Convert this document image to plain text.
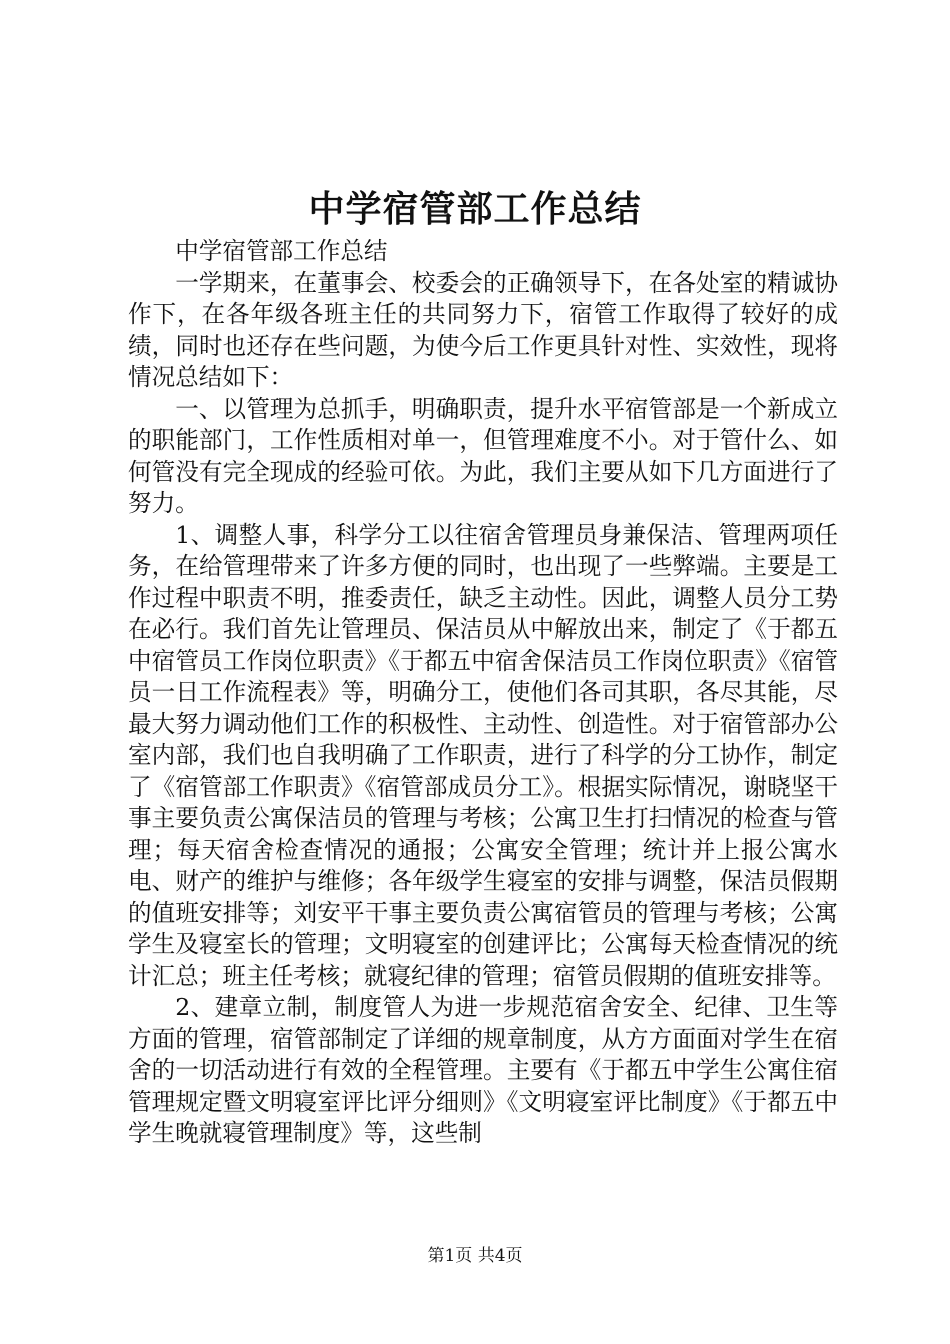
中学宿管部工作总结

中学宿管部工作总结

一学期来，在董事会、校委会的正确领导下，在各处室的精诚协作下，在各年级各班主任的共同努力下，宿管工作取得了较好的成绩，同时也还存在些问题，为使今后工作更具针对性、实效性，现将情况总结如下：

一、以管理为总抓手，明确职责，提升水平宿管部是一个新成立的职能部门，工作性质相对单一，但管理难度不小。对于管什么、如何管没有完全现成的经验可依。为此，我们主要从如下几方面进行了努力。

1、调整人事，科学分工以往宿舍管理员身兼保洁、管理两项任务，在给管理带来了许多方便的同时，也出现了一些弊端。主要是工作过程中职责不明，推委责任，缺乏主动性。因此，调整人员分工势在必行。我们首先让管理员、保洁员从中解放出来，制定了《于都五中宿管员工作岗位职责》《于都五中宿舍保洁员工作岗位职责》《宿管员一日工作流程表》等，明确分工，使他们各司其职，各尽其能，尽最大努力调动他们工作的积极性、主动性、创造性。对于宿管部办公室内部，我们也自我明确了工作职责，进行了科学的分工协作，制定了《宿管部工作职责》《宿管部成员分工》。根据实际情况，谢晓坚干事主要负责公寓保洁员的管理与考核；公寓卫生打扫情况的检查与管理；每天宿舍检查情况的通报；公寓安全管理；统计并上报公寓水电、财产的维护与维修；各年级学生寝室的安排与调整，保洁员假期的值班安排等；刘安平干事主要负责公寓宿管员的管理与考核；公寓学生及寝室长的管理；文明寝室的创建评比；公寓每天检查情况的统计汇总；班主任考核；就寝纪律的管理；宿管员假期的值班安排等。

2、建章立制，制度管人为进一步规范宿舍安全、纪律、卫生等方面的管理，宿管部制定了详细的规章制度，从方方面面对学生在宿舍的一切活动进行有效的全程管理。主要有《于都五中学生公寓住宿管理规定暨文明寝室评比评分细则》《文明寝室评比制度》《于都五中学生晚就寝管理制度》等，这些制

第1页 共4页
